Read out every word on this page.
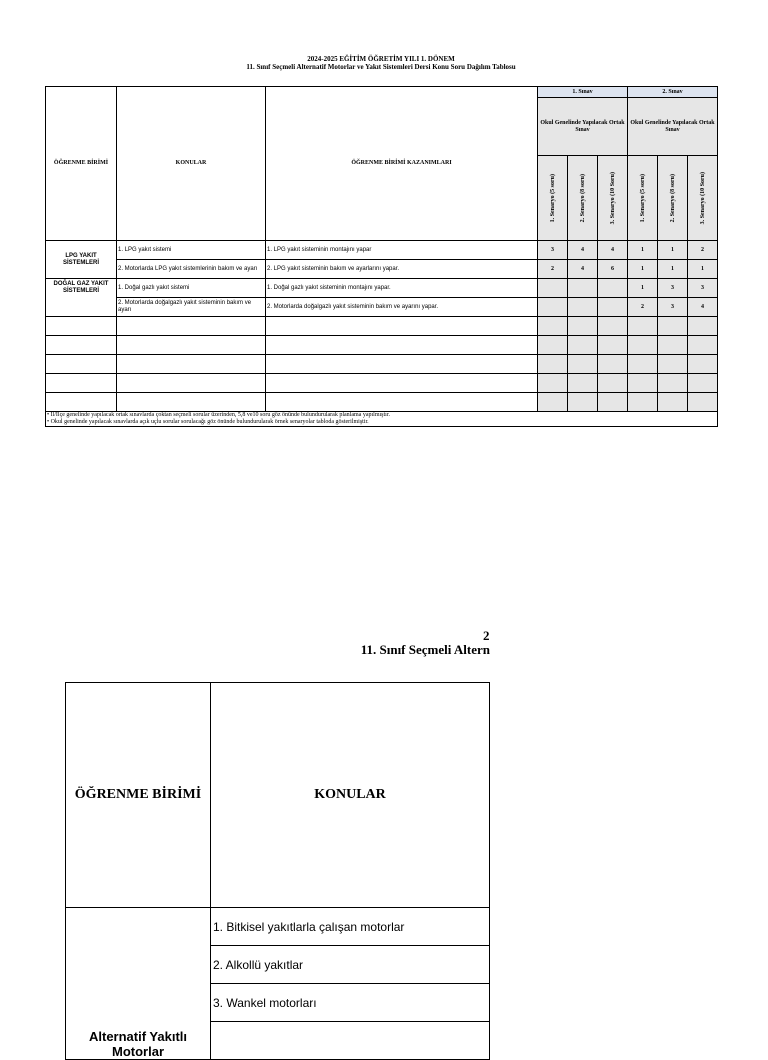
2024-2025 EĞİTİM ÖĞRETİM YILI 1. DÖNEM
11. Sınıf Seçmeli Alternatif Motorlar ve Yakıt Sistemleri Dersi Konu Soru Dağılım Tablosu
ÖĞRENME BİRİMİ	KONULAR	ÖĞRENME BİRİMİ KAZANIMLARI	1. Sınav			2. Sınav		
			Okul Genelinde Yapılacak Ortak Sınav			Okul Genelinde Yapılacak Ortak Sınav		

			1. Senaryo (5 soru)	2. Senaryo (8 soru)	3. Senaryo (10 Soru)	1. Senaryo (5 soru)	2. Senaryo (8 soru)	3. Senaryo (10 Soru)

LPG YAKIT SİSTEMLERİ	1. LPG yakıt sistemi	1. LPG yakıt sisteminin montajını yapar	3	4	4	1	1	2
	2. Motorlarda LPG yakıt sistemlerinin bakım ve ayarı	2. LPG yakıt sisteminin bakım ve ayarlarını yapar.	2	4	6	1	1	1
DOĞAL GAZ YAKIT SİSTEMLERİ	1. Doğal gazlı yakıt sistemi	1. Doğal gazlı yakıt sisteminin montajını yapar.				1	3	3
	2. Motorlarda doğalgazlı yakıt sisteminin bakım ve ayarı	2. Motorlarda doğalgazlı yakıt sisteminin bakım ve ayarını yapar.				2	3	4

• İl/İlçe genelinde yapılacak ortak sınavlarda çoktan seçmeli sorular üzerinden, 5,8 ve10 soru göz önünde bulundurularak planlama yapılmıştır.
• Okul genelinde yapılacak sınavlarda açık uçlu sorular sorulacağı göz önünde bulundurularak örnek senaryolar tabloda gösterilmiştir.								
2
11. Sınıf Seçmeli Altern
ÖĞRENME BİRİMİ	KONULAR
Alternatif Yakıtlı Motorlar	1. Bitkisel yakıtlarla çalışan motorlar
	2. Alkollü yakıtlar
	3. Wankel motorları
